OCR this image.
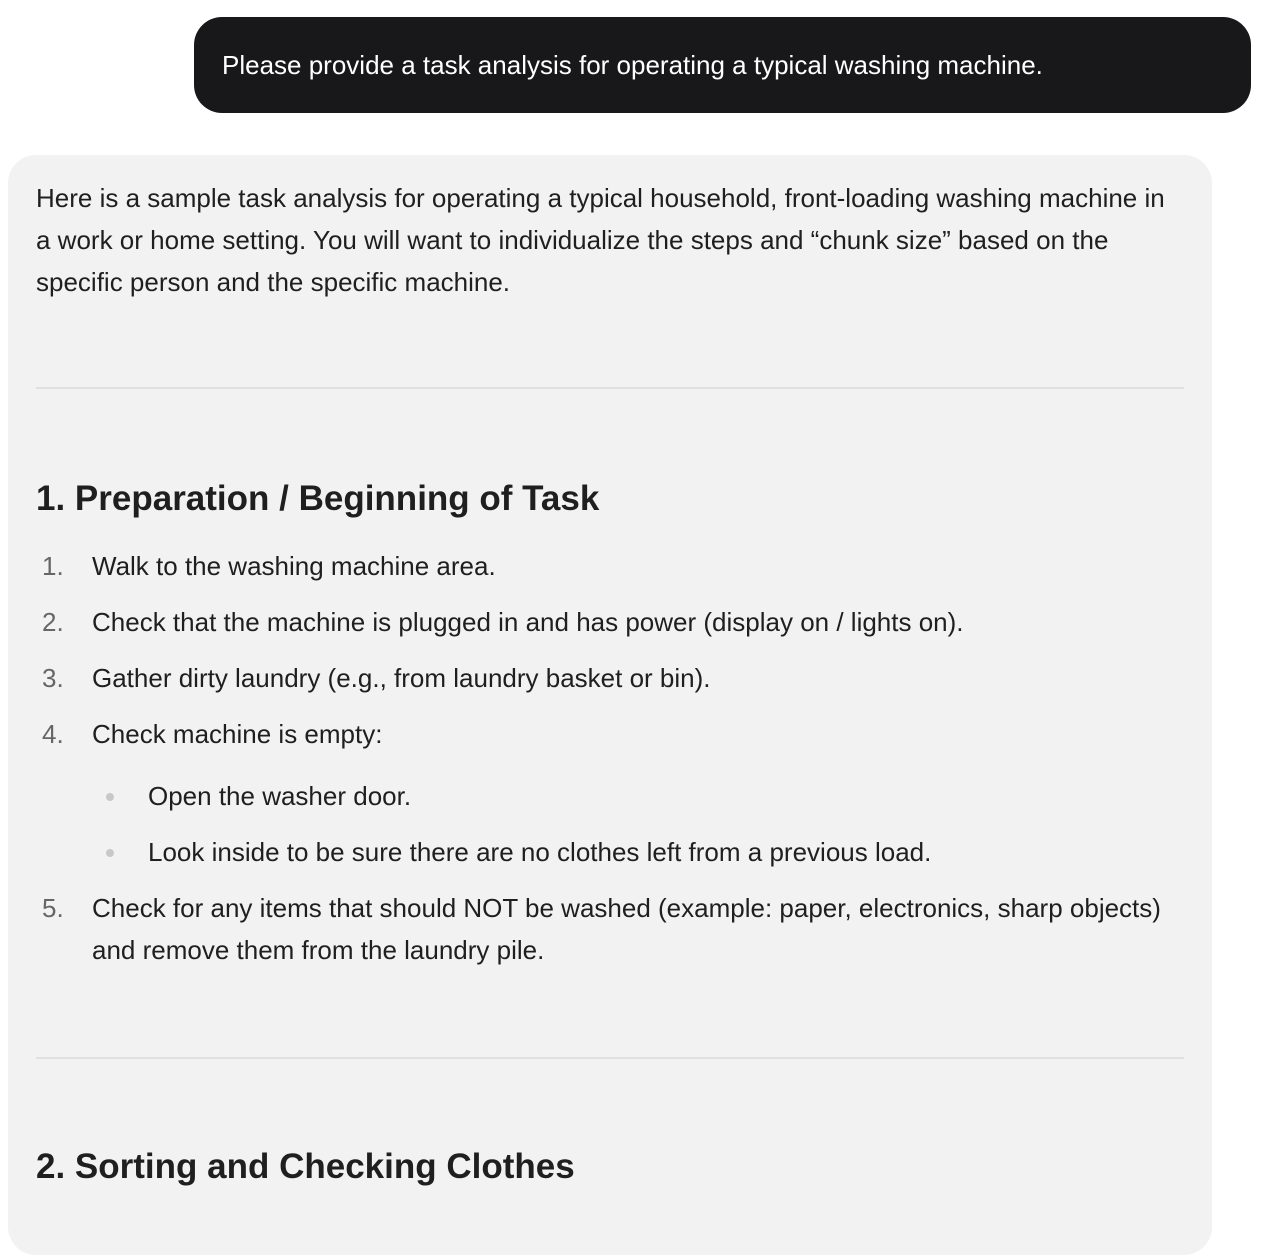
Please provide a task analysis for operating a typical washing machine.

Here is a sample task analysis for operating a typical household, front-loading washing machine in a work or home setting. You will want to individualize the steps and “chunk size” based on the specific person and the specific machine.

1. Preparation / Beginning of Task
1.	Walk to the washing machine area.
2.	Check that the machine is plugged in and has power (display on / lights on).
3.	Gather dirty laundry (e.g., from laundry basket or bin).
4.	Check machine is empty:
Open the washer door.
Look inside to be sure there are no clothes left from a previous load.
5.	Check for any items that should NOT be washed (example: paper, electronics, sharp objects) and remove them from the laundry pile.
2. Sorting and Checking Clothes
